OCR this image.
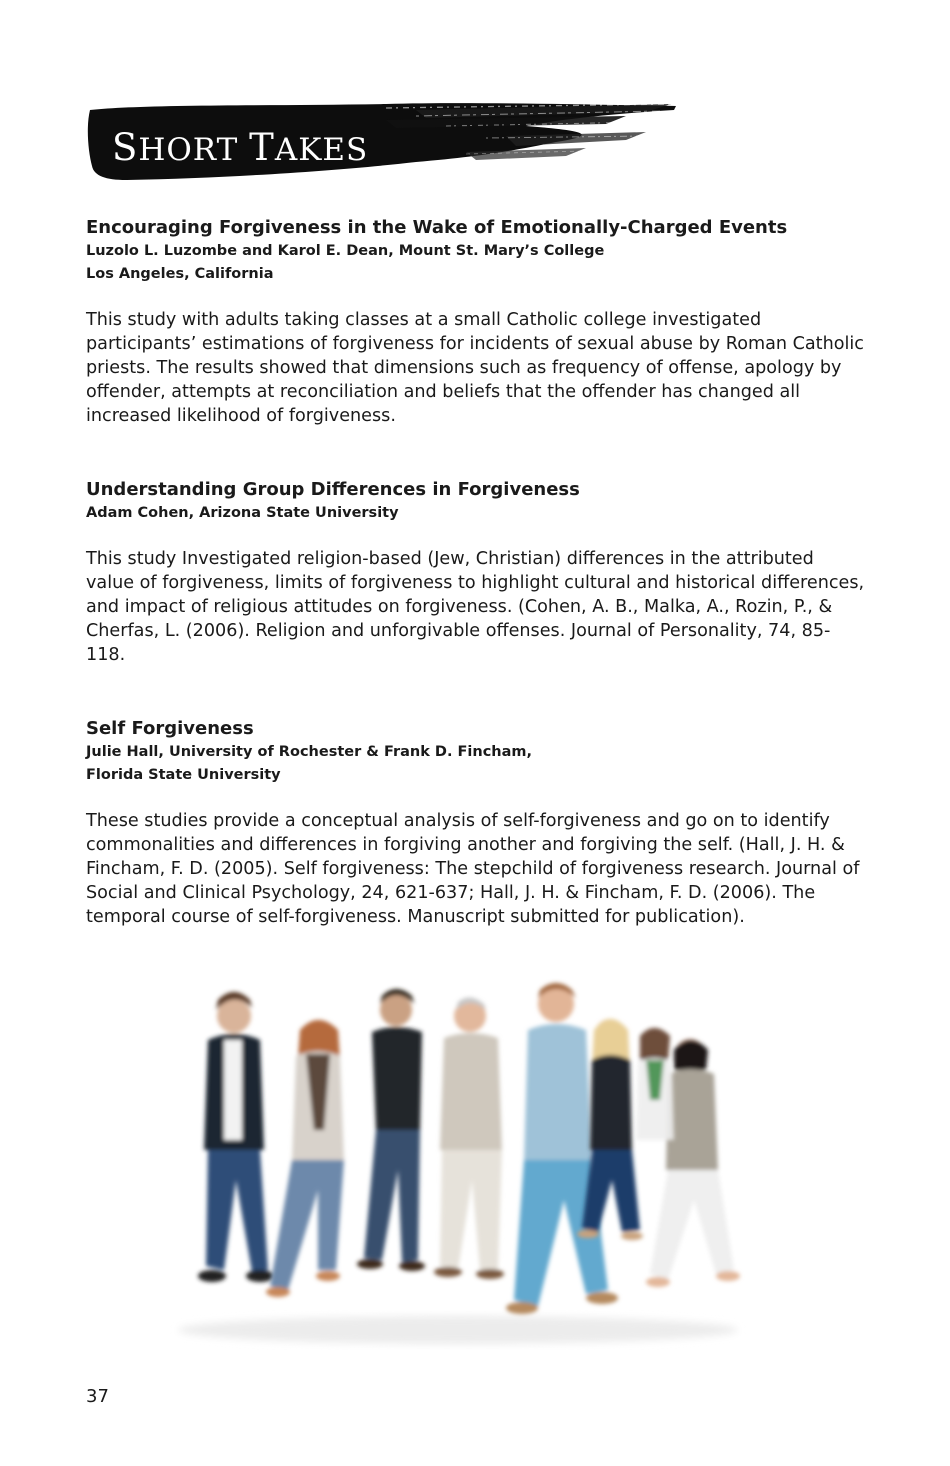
SHORT TAKES

Encouraging Forgiveness in the Wake of Emotionally-Charged Events

Luzolo L. Luzombe and Karol E. Dean, Mount St. Mary’s College

Los Angeles, California

This study with adults taking classes at a small Catholic college investigated participants’ estimations of forgiveness for incidents of sexual abuse by Roman Catholic priests. The results showed that dimensions such as frequency of offense, apology by offender, attempts at reconciliation and beliefs that the offender has changed all increased likelihood of forgiveness.

Understanding Group Differences in Forgiveness

Adam Cohen, Arizona State University

This study Investigated religion-based (Jew, Christian) differences in the attributed value of forgiveness, limits of forgiveness to highlight cultural and historical differences, and impact of religious attitudes on forgiveness. (Cohen, A. B., Malka, A., Rozin, P., & Cherfas, L. (2006). Religion and unforgivable offenses. Journal of Personality, 74, 85-118.

Self Forgiveness

Julie Hall, University of Rochester & Frank D. Fincham,

Florida State University

These studies provide a conceptual analysis of self-forgiveness and go on to identify commonalities and differences in forgiving another and forgiving the self. (Hall, J. H. & Fincham, F. D. (2005). Self forgiveness: The stepchild of forgiveness research. Journal of Social and Clinical Psychology, 24, 621-637; Hall, J. H. & Fincham, F. D. (2006). The temporal course of self-forgiveness. Manuscript submitted for publication).

37
